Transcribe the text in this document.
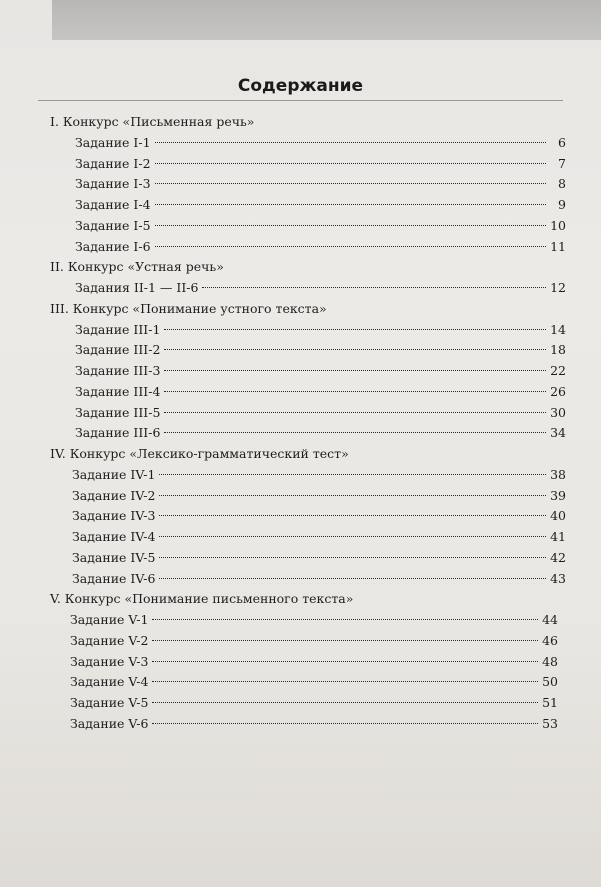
Содержание
I. Конкурс «Письменная речь»
Задание I-1	6
Задание I-2	7
Задание I-3	8
Задание I-4	9
Задание I-5	10
Задание I-6	11
II. Конкурс «Устная речь»
Задания II-1 — II-6	12
III. Конкурс «Понимание устного текста»
Задание III-1	14
Задание III-2	18
Задание III-3	22
Задание III-4	26
Задание III-5	30
Задание III-6	34
IV. Конкурс «Лексико-грамматический тест»
Задание IV-1	38
Задание IV-2	39
Задание IV-3	40
Задание IV-4	41
Задание IV-5	42
Задание IV-6	43
V. Конкурс «Понимание письменного текста»
Задание V-1	44
Задание V-2	46
Задание V-3	48
Задание V-4	50
Задание V-5	51
Задание V-6	53
